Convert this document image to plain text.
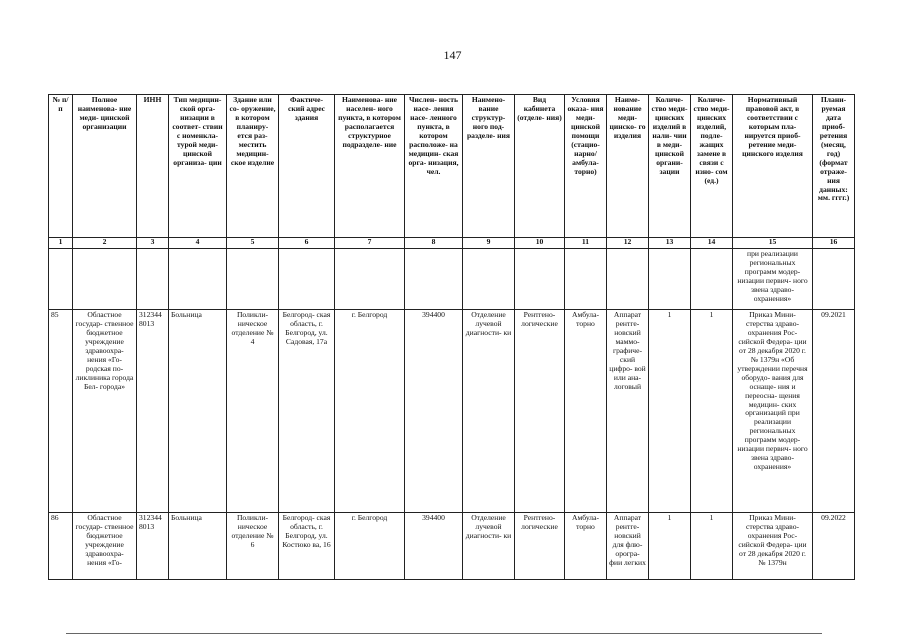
147
№ п/п	Полное наименова- ние меди- цинской организации	ИНН	Тип медицин- ской орга- низации в соответ- ствии с номенкла- турой меди- цинской организа- ции	Здание или со- оружение, в котором планиру- ется раз- местить медицин- ское изделие	Фактиче- ский адрес здания	Наименова- ние населен- ного пункта, в котором располагается структурное подразделе- ние	Числен- ность насе- ления насе- ленного пункта, в котором расположе- на медицин- ская орга- низация, чел.	Наимено- вание структур- ного под- разделе- ния	Вид кабинета (отделе- ния)	Условия оказа- ния меди- цинской помощи (стацио- нарно/ амбула- торно)	Наиме- нование меди- цинско- го изделия	Количе- ство меди- цинских изделий в нали- чии в меди- цинской органи- зации	Количе- ство меди- цинских изделий, подле- жащих замене в связи с изно- сом (ед.)	Нормативный правовой акт, в соответствии с которым пла- нируется приоб- ретение меди- цинского изделия	Плани- руемая дата приоб- ретения (месяц, год) (формат отраже- ния данных: мм. гггг.)
1	2	3	4	5	6	7	8	9	10	11	12	13	14	15	16
														при реализации региональных программ модер- низации первич- ного звена здраво- охранения»	
85	Областное государ- ственное бюджетное учреждение здравоохра- нения «Го- родская по- ликлиника города Бел- города»	312344 8013	Больница	Поликли- ническое отделение № 4	Белгород- ская область, г. Белгород, ул. Садовая, 17а	г. Белгород	394400	Отделение лучевой диагности- ки	Рентгено- логические	Амбула- торно	Аппарат рентге- новский маммо- графиче- ский цифро- вой или ана- логовый	1	1	Приказ Мини- стерства здраво- охранения Рос- сийской Федера- ции от 28 декабря 2020 г. № 1379н «Об утверждении перечня оборудо- вания для оснаще- ния и переосна- щения медицин- ских организаций при реализации региональных программ модер- низации первич- ного звена здраво- охранения»	09.2021
86	Областное государ- ственное бюджетное учреждение здравоохра- нения «Го-	312344 8013	Больница	Поликли- ническое отделение № 6	Белгород- ская область, г. Белгород, ул. Костюко ва, 16	г. Белгород	394400	Отделение лучевой диагности- ки	Рентгено- логические	Амбула- торно	Аппарат рентге- новский для флю- орогра- фии легких	1	1	Приказ Мини- стерства здраво- охранения Рос- сийской Федера- ции от 28 декабря 2020 г. № 1379н	09.2022
